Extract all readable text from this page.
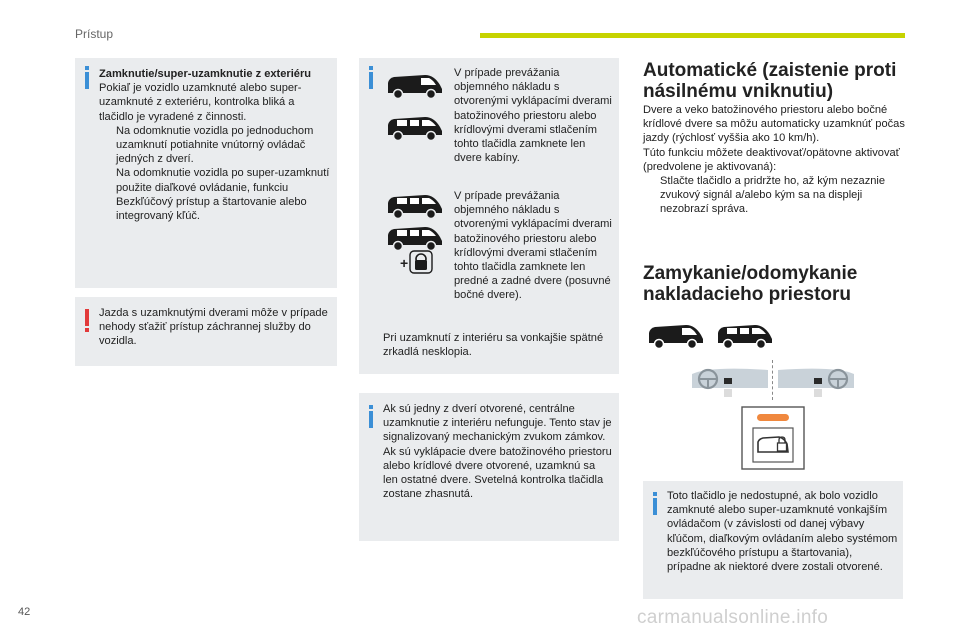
Prístup
Zamknutie/super-uzamknutie z exteriéru
Pokiaľ je vozidlo uzamknuté alebo super-uzamknuté z exteriéru, kontrolka bliká a tlačidlo je vyradené z činnosti.
Na odomknutie vozidla po jednoduchom uzamknutí potiahnite vnútorný ovládač jedných z dverí.
Na odomknutie vozidla po super-uzamknutí použite diaľkové ovládanie, funkciu Bezkľúčový prístup a štartovanie alebo integrovaný kľúč.
Jazda s uzamknutými dverami môže v prípade nehody sťažiť prístup záchrannej služby do vozidla.
V prípade prevážania objemného nákladu s otvorenými vyklápacími dverami batožinového priestoru alebo krídlovými dverami stlačením tohto tlačidla zamknete len dvere kabíny.
+
V prípade prevážania objemného nákladu s otvorenými vyklápacími dverami batožinového priestoru alebo krídlovými dverami stlačením tohto tlačidla zamknete len predné a zadné dvere (posuvné bočné dvere).
Pri uzamknutí z interiéru sa vonkajšie spätné zrkadlá nesklopia.
Ak sú jedny z dverí otvorené, centrálne uzamknutie z interiéru nefunguje. Tento stav je signalizovaný mechanickým zvukom zámkov.
Ak sú vyklápacie dvere batožinového priestoru alebo krídlové dvere otvorené, uzamknú sa len ostatné dvere. Svetelná kontrolka tlačidla zostane zhasnutá.
Automatické (zaistenie proti násilnému vniknutiu)
Dvere a veko batožinového priestoru alebo bočné krídlové dvere sa môžu automaticky uzamknúť počas jazdy (rýchlosť vyššia ako 10 km/h).
Túto funkciu môžete deaktivovať/opätovne aktivovať (predvolene je aktivovaná):
Stlačte tlačidlo a pridržte ho, až kým nezaznie zvukový signál a/alebo kým sa na displeji nezobrazí správa.
Zamykanie/odomykanie nakladacieho priestoru
Toto tlačidlo je nedostupné, ak bolo vozidlo zamknuté alebo super-uzamknuté vonkajším ovládačom (v závislosti od danej výbavy kľúčom, diaľkovým ovládaním alebo systémom bezkľúčového prístupu a štartovania), prípadne ak niektoré dvere zostali otvorené.
42	carmanualsonline.info
